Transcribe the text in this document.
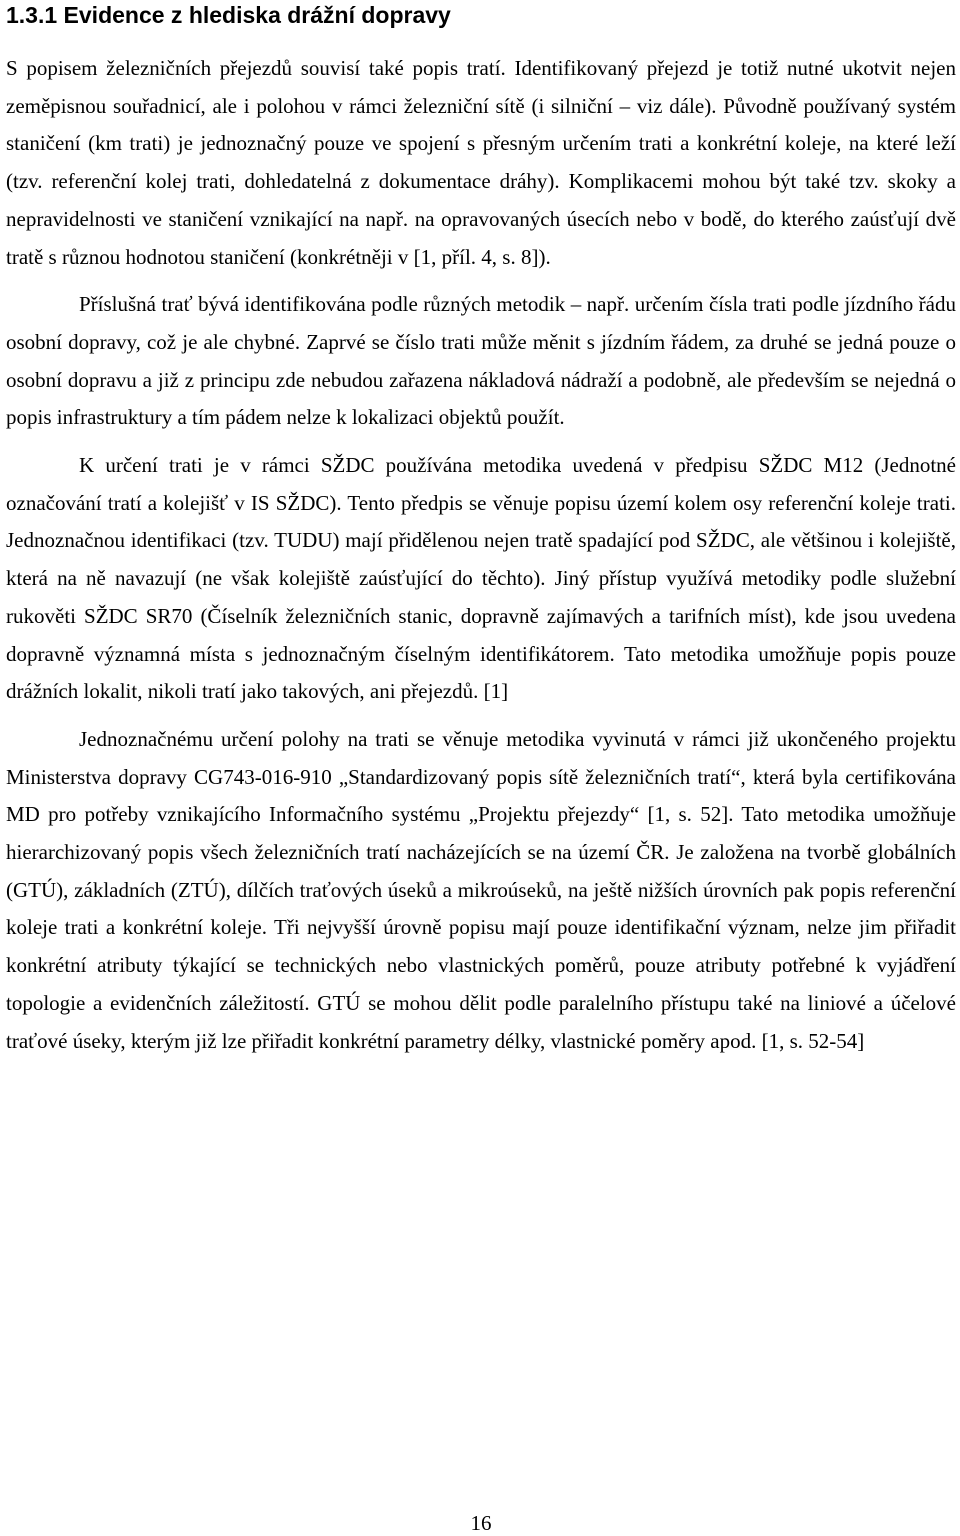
1.3.1 Evidence z hlediska drážní dopravy

S popisem železničních přejezdů souvisí také popis tratí. Identifikovaný přejezd je totiž nutné ukotvit nejen zeměpisnou souřadnicí, ale i polohou v rámci železniční sítě (i silniční – viz dále). Původně používaný systém staničení (km trati) je jednoznačný pouze ve spojení s přesným určením trati a konkrétní koleje, na které leží (tzv. referenční kolej trati, dohledatelná z dokumentace dráhy). Komplikacemi mohou být také tzv. skoky a nepravidelnosti ve staničení vznikající na např. na opravovaných úsecích nebo v bodě, do kterého zaúsťují dvě tratě s různou hodnotou staničení (konkrétněji v [1, příl. 4, s. 8]).

Příslušná trať bývá identifikována podle různých metodik – např. určením čísla trati podle jízdního řádu osobní dopravy, což je ale chybné. Zaprvé se číslo trati může měnit s jízdním řádem, za druhé se jedná pouze o osobní dopravu a již z principu zde nebudou zařazena nákladová nádraží a podobně, ale především se nejedná o popis infrastruktury a tím pádem nelze k lokalizaci objektů použít.

K určení trati je v rámci SŽDC používána metodika uvedená v předpisu SŽDC M12 (Jednotné označování tratí a kolejišť v IS SŽDC). Tento předpis se věnuje popisu území kolem osy referenční koleje trati. Jednoznačnou identifikaci (tzv. TUDU) mají přidělenou nejen tratě spadající pod SŽDC, ale většinou i kolejiště, která na ně navazují (ne však kolejiště zaúsťující do těchto). Jiný přístup využívá metodiky podle služební rukověti SŽDC SR70 (Číselník železničních stanic, dopravně zajímavých a tarifních míst), kde jsou uvedena dopravně významná místa s jednoznačným číselným identifikátorem. Tato metodika umožňuje popis pouze drážních lokalit, nikoli tratí jako takových, ani přejezdů. [1]

Jednoznačnému určení polohy na trati se věnuje metodika vyvinutá v rámci již ukončeného projektu Ministerstva dopravy CG743-016-910 „Standardizovaný popis sítě železničních tratí“, která byla certifikována MD pro potřeby vznikajícího Informačního systému „Projektu přejezdy“ [1, s. 52]. Tato metodika umožňuje hierarchizovaný popis všech železničních tratí nacházejících se na území ČR. Je založena na tvorbě globálních (GTÚ), základních (ZTÚ), dílčích traťových úseků a mikroúseků, na ještě nižších úrovních pak popis referenční koleje trati a konkrétní koleje. Tři nejvyšší úrovně popisu mají pouze identifikační význam, nelze jim přiřadit konkrétní atributy týkající se technických nebo vlastnických poměrů, pouze atributy potřebné k vyjádření topologie a evidenčních záležitostí. GTÚ se mohou dělit podle paralelního přístupu také na liniové a účelové traťové úseky, kterým již lze přiřadit konkrétní parametry délky, vlastnické poměry apod. [1, s. 52-54]

16
